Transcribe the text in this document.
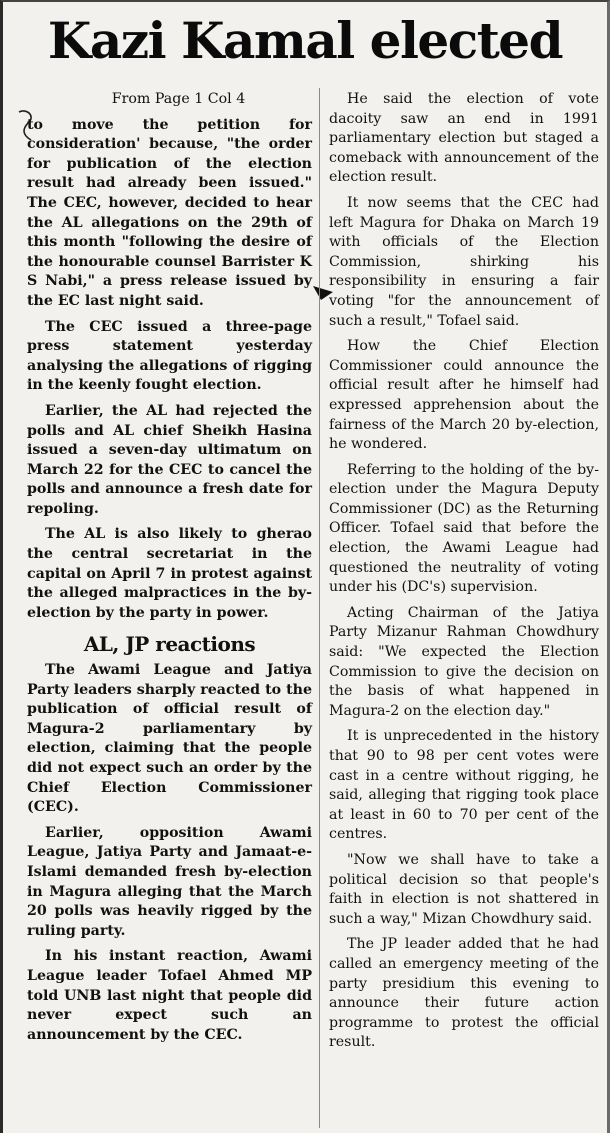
Kazi Kamal elected

From Page 1 Col 4

to move the petition for consideration' because, "the order for publication of the election result had already been issued." The CEC, however, decided to hear the AL allegations on the 29th of this month "following the desire of the honourable counsel Barrister K S Nabi," a press release issued by the EC last night said.

The CEC issued a three-page press statement yesterday analysing the allegations of rigging in the keenly fought election.

Earlier, the AL had rejected the polls and AL chief Sheikh Hasina issued a seven-day ultimatum on March 22 for the CEC to cancel the polls and announce a fresh date for repoling.

The AL is also likely to gherao the central secretariat in the capital on April 7 in protest against the alleged malpractices in the by-election by the party in power.

AL, JP reactions

The Awami League and Jatiya Party leaders sharply reacted to the publication of official result of Magura-2 parliamentary by election, claiming that the people did not expect such an order by the Chief Election Commissioner (CEC).

Earlier, opposition Awami League, Jatiya Party and Jamaat-e-Islami demanded fresh by-election in Magura alleging that the March 20 polls was heavily rigged by the ruling party.

In his instant reaction, Awami League leader Tofael Ahmed MP told UNB last night that people did never expect such an announcement by the CEC.

He said the election of vote dacoity saw an end in 1991 parliamentary election but staged a comeback with announcement of the election result.

It now seems that the CEC had left Magura for Dhaka on March 19 with officials of the Election Commission, shirking his responsibility in ensuring a fair voting "for the announcement of such a result," Tofael said.

How the Chief Election Commissioner could announce the official result after he himself had expressed apprehension about the fairness of the March 20 by-election, he wondered.

Referring to the holding of the by-election under the Magura Deputy Commissioner (DC) as the Returning Officer. Tofael said that before the election, the Awami League had questioned the neutrality of voting under his (DC's) supervision.

Acting Chairman of the Jatiya Party Mizanur Rahman Chowdhury said: "We expected the Election Commission to give the decision on the basis of what happened in Magura-2 on the election day."

It is unprecedented in the history that 90 to 98 per cent votes were cast in a centre without rigging, he said, alleging that rigging took place at least in 60 to 70 per cent of the centres.

"Now we shall have to take a political decision so that people's faith in election is not shattered in such a way," Mizan Chowdhury said.

The JP leader added that he had called an emergency meeting of the party presidium this evening to announce their future action programme to protest the official result.
